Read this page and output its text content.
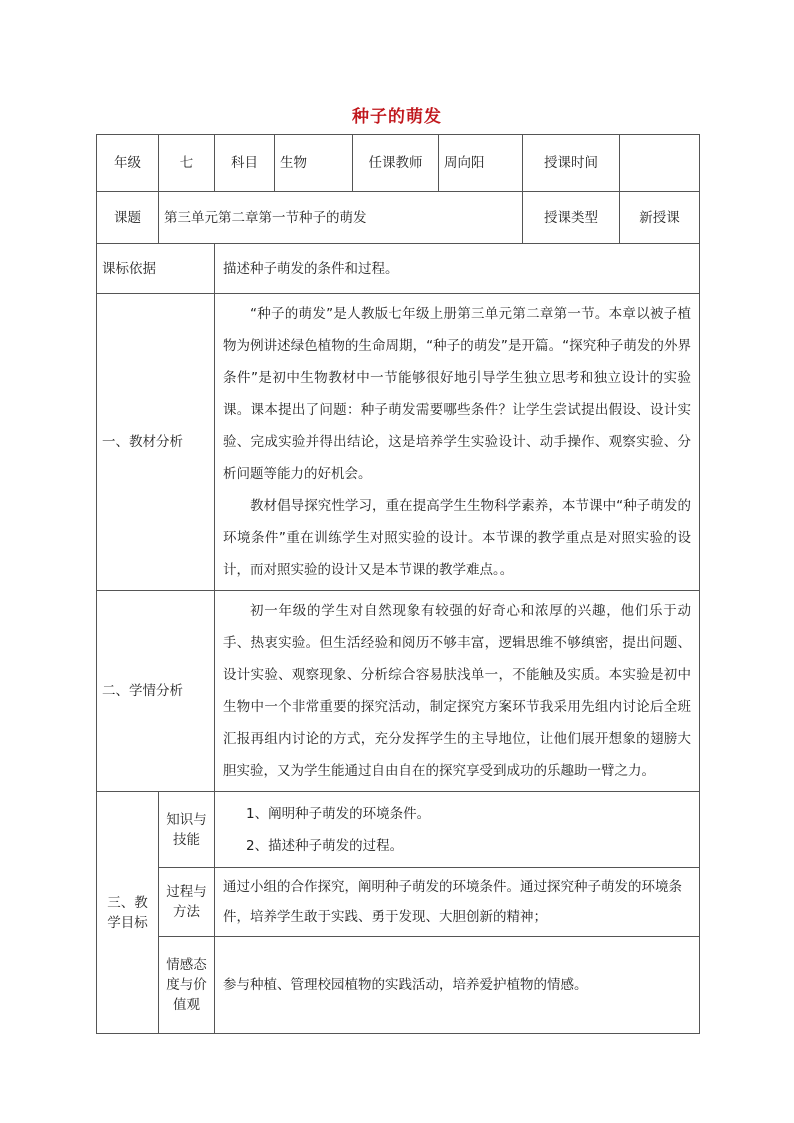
种子的萌发
年级	七	科目	生物	任课教师	周向阳	授课时间	
课题	第三单元第二章第一节种子的萌发					授课类型	新授课
课标依据		描述种子萌发的条件和过程。					
一、教材分析		“种子的萌发”是人教版七年级上册第三单元第二章第一节。本章以被子植物为例讲述绿色植物的生命周期，“种子的萌发”是开篇。“探究种子萌发的外界条件”是初中生物教材中一节能够很好地引导学生独立思考和独立设计的实验课。课本提出了问题：种子萌发需要哪些条件？让学生尝试提出假设、设计实验、完成实验并得出结论，这是培养学生实验设计、动手操作、观察实验、分析问题等能力的好机会。

教材倡导探究性学习，重在提高学生生物科学素养，本节课中“种子萌发的环境条件”重在训练学生对照实验的设计。本节课的教学重点是对照实验的设计，而对照实验的设计又是本节课的教学难点。。					

二、学情分析		初一年级的学生对自然现象有较强的好奇心和浓厚的兴趣，他们乐于动手、热衷实验。但生活经验和阅历不够丰富，逻辑思维不够缜密，提出问题、设计实验、观察现象、分析综合容易肤浅单一，不能触及实质。本实验是初中生物中一个非常重要的探究活动，制定探究方案环节我采用先组内讨论后全班汇报再组内讨论的方式，充分发挥学生的主导地位，让他们展开想象的翅膀大胆实验，又为学生能通过自由自在的探究享受到成功的乐趣助一臂之力。					

三、教学目标	知识与技能	1、阐明种子萌发的环境条件。

2、描述种子萌发的过程。					

	过程与方法	通过小组的合作探究，阐明种子萌发的环境条件。通过探究种子萌发的环境条件，培养学生敢于实践、勇于发现、大胆创新的精神；					

	情感态度与价值观	参与种植、管理校园植物的实践活动，培养爱护植物的情感。					
